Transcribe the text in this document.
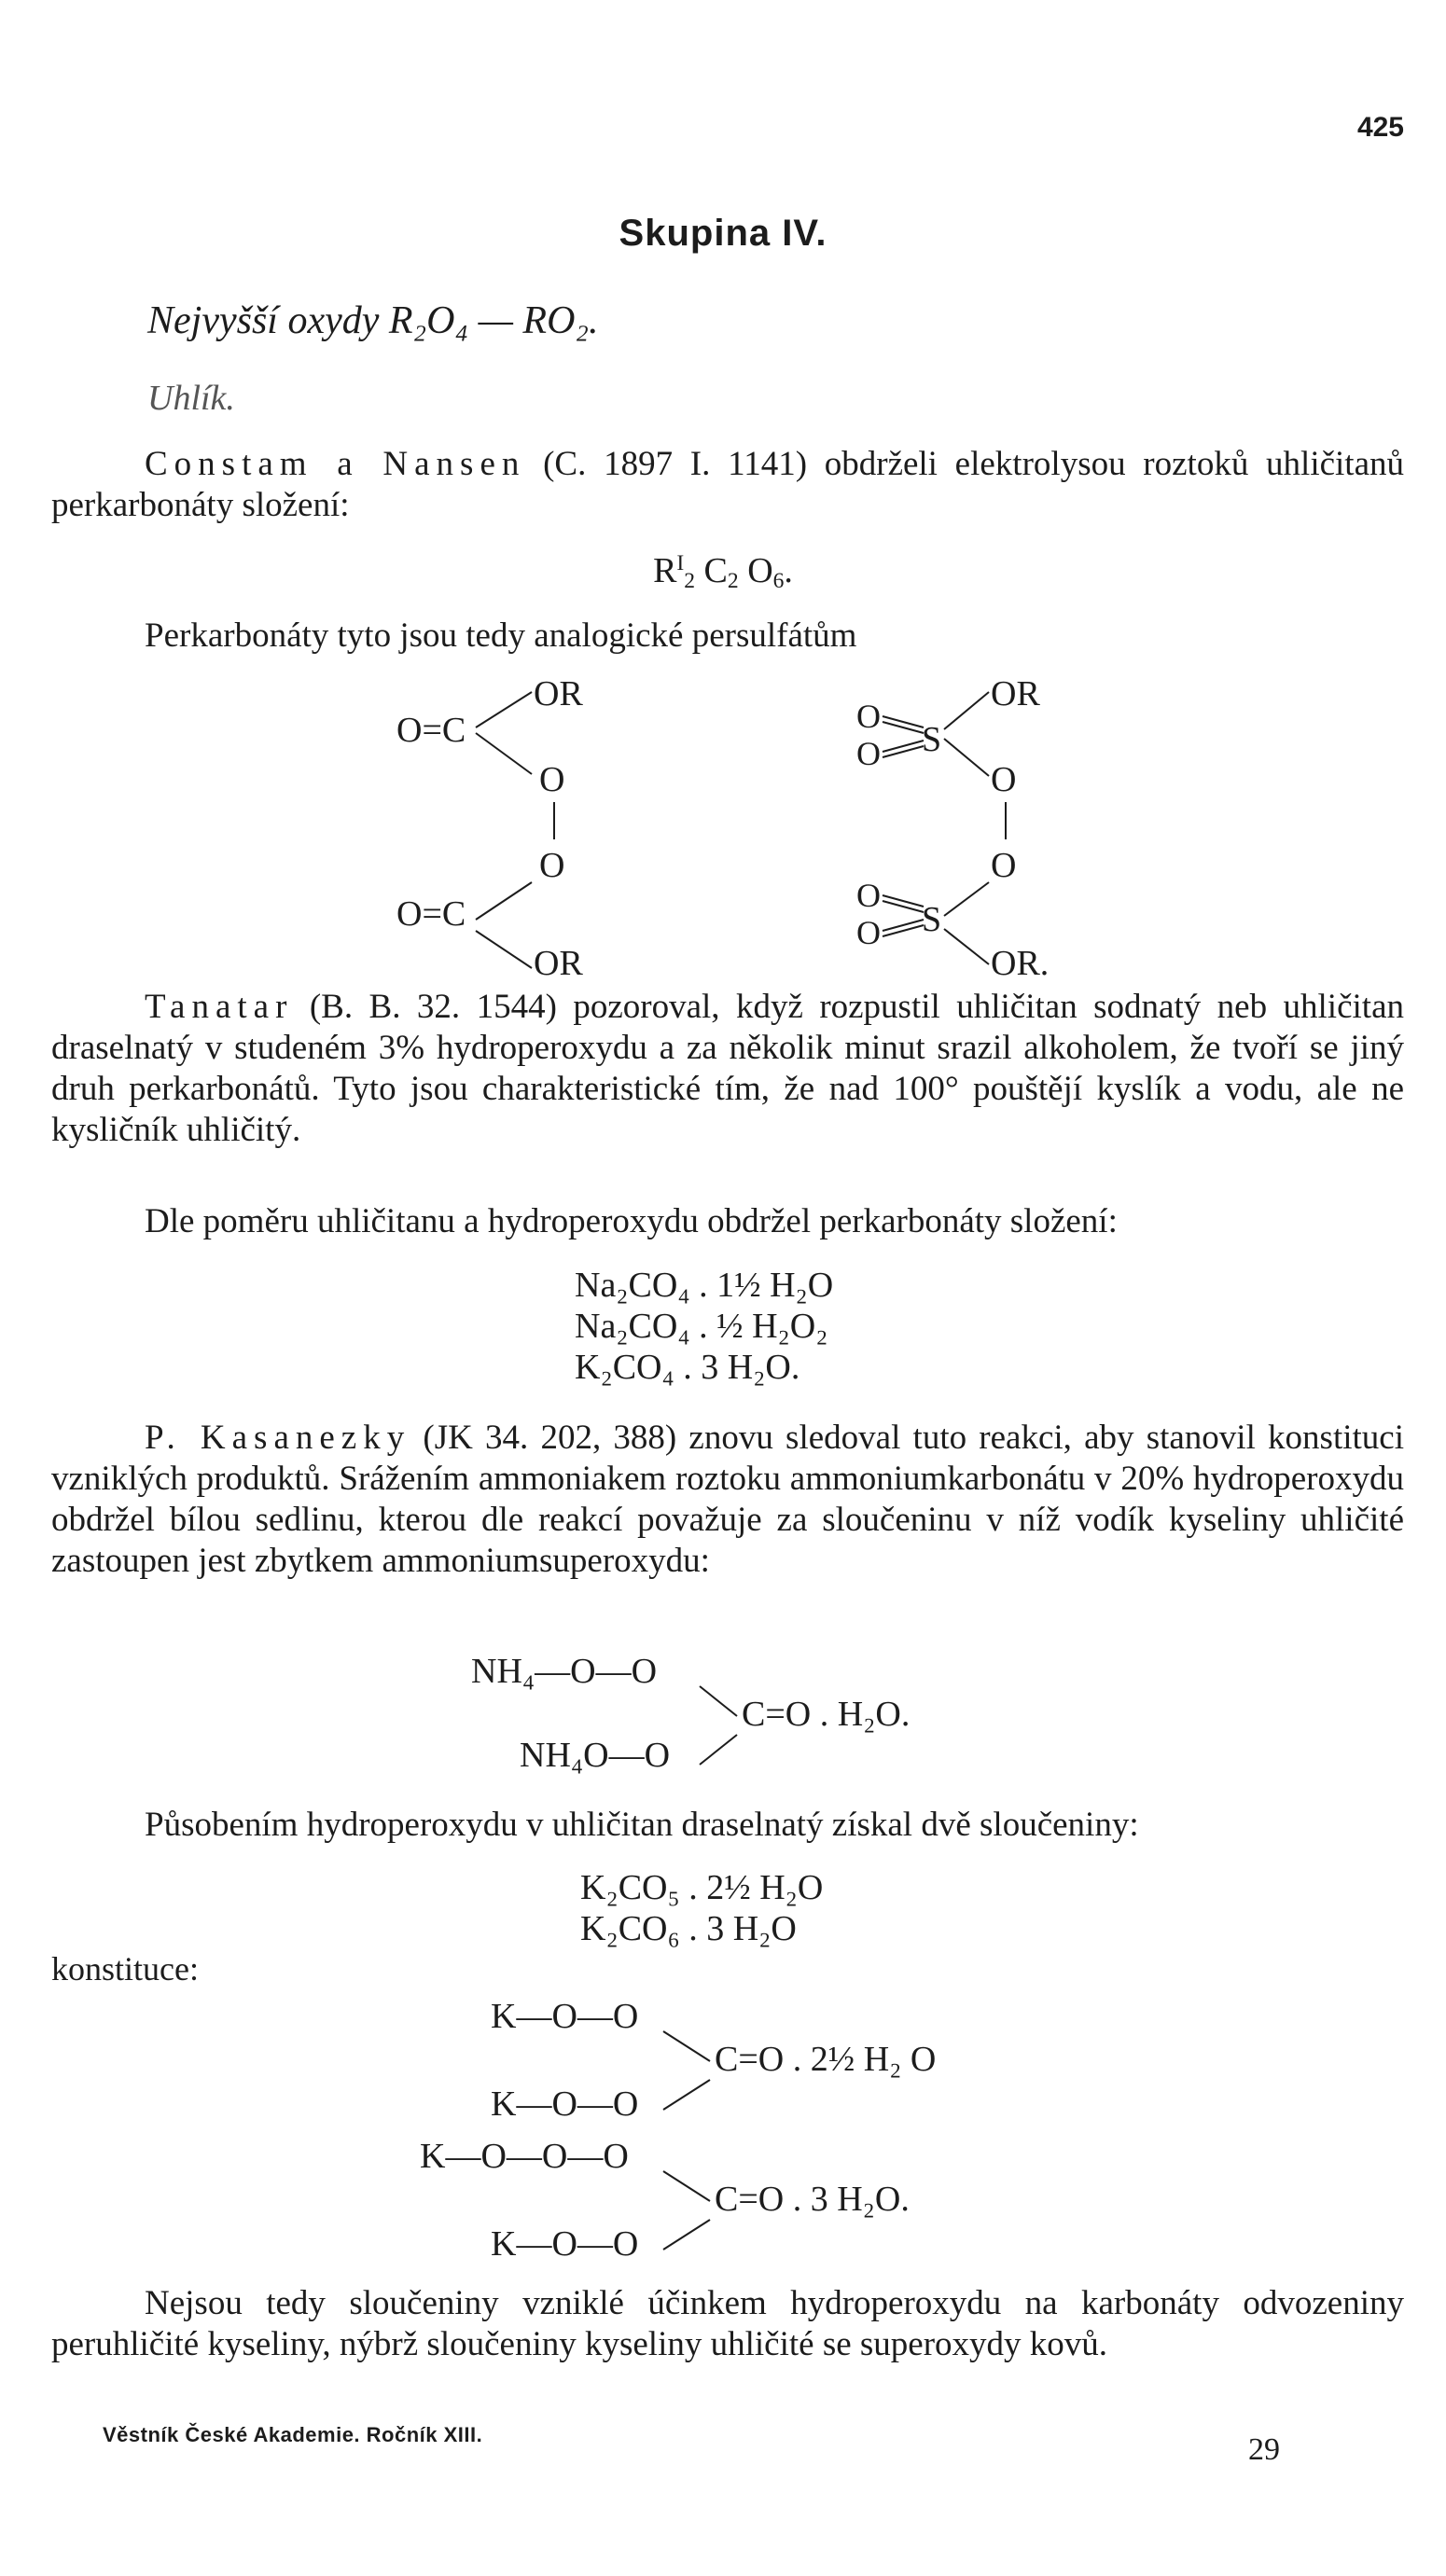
425
Skupina IV.
Nejvyšší oxydy R₂O₄ — RO₂.
Uhlík.
Constam a Nansen (C. 1897 I. 1141) obdrželi elektrolysou roztoků uhličitanů perkarbonáty složení:
$R^I_2$ $C_2$ $O_6$.
Perkarbonáty tyto jsou tedy analogické persulfátům
O=C
OR
O
O
O=C
OR
O
O S
OR
O
O
O
O S
OR.
Tanatar (B. B. 32. 1544) pozoroval, když rozpustil uhličitan sodnatý neb uhličitan draselnatý v studeném 3% hydroperoxydu a za několik minut srazil alkoholem, že tvoří se jiný druh perkarbonátů. Tyto jsou charakteristické tím, že nad 100° pouštějí kyslík a vodu, ale ne kysličník uhličitý.
Dle poměru uhličitanu a hydroperoxydu obdržel perkarbonáty složení:
Na₂CO₄ . 1½ H₂O
Na₂CO₄ . ½ H₂O₂
K₂CO₄ . 3 H₂O.
P. Kasanezky (JK 34. 202, 388) znovu sledoval tuto reakci, aby stanovil konstituci vzniklých produktů. Srážením ammoniakem roztoku ammoniumkarbonátu v 20% hydroperoxydu obdržel bílou sedlinu, kterou dle reakcí považuje za sloučeninu v níž vodík kyseliny uhličité zastoupen jest zbytkem ammoniumsuperoxydu:
NH₄—O—O
C=O . H₂O.
NH₄O—O
Působením hydroperoxydu v uhličitan draselnatý získal dvě sloučeniny:
K₂CO₅ . 2½ H₂O
K₂CO₆ . 3 H₂O
konstituce:
K—O—O
C=O . 2½ H₂ O
K—O—O
K—O—O—O
C=O . 3 H₂O.
K—O—O
Nejsou tedy sloučeniny vzniklé účinkem hydroperoxydu na karbonáty odvozeniny peruhličité kyseliny, nýbrž sloučeniny kyseliny uhličité se superoxydy kovů.
Věstník České Akademie. Ročník XIII.	29
